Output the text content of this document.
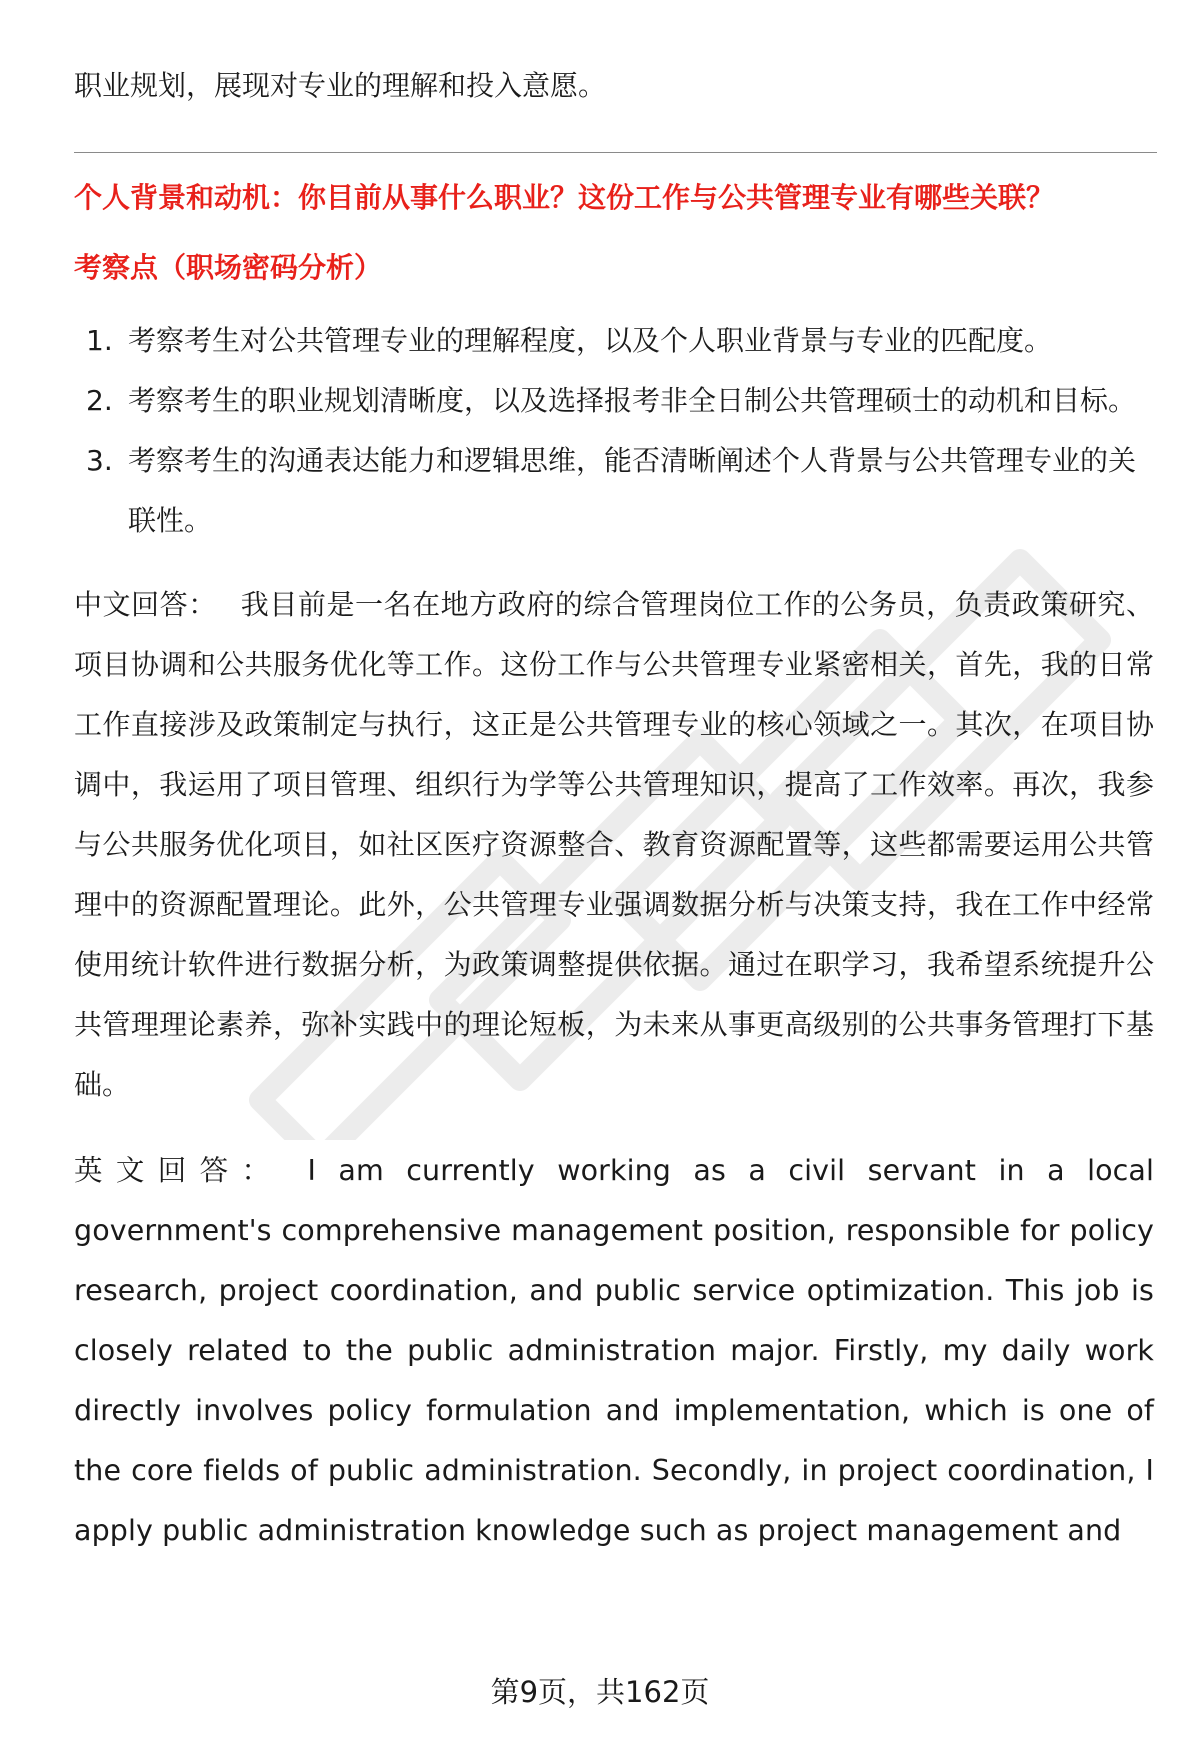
职业规划，展现对专业的理解和投入意愿。

个人背景和动机：你目前从事什么职业？这份工作与公共管理专业有哪些关联？

考察点（职场密码分析）

1. 考察考生对公共管理专业的理解程度，以及个人职业背景与专业的匹配度。
2. 考察考生的职业规划清晰度，以及选择报考非全日制公共管理硕士的动机和目标。
3. 考察考生的沟通表达能力和逻辑思维，能否清晰阐述个人背景与公共管理专业的关联性。

中文回答： 我目前是一名在地方政府的综合管理岗位工作的公务员，负责政策研究、项目协调和公共服务优化等工作。这份工作与公共管理专业紧密相关，首先，我的日常工作直接涉及政策制定与执行，这正是公共管理专业的核心领域之一。其次，在项目协调中，我运用了项目管理、组织行为学等公共管理知识，提高了工作效率。再次，我参与公共服务优化项目，如社区医疗资源整合、教育资源配置等，这些都需要运用公共管理中的资源配置理论。此外，公共管理专业强调数据分析与决策支持，我在工作中经常使用统计软件进行数据分析，为政策调整提供依据。通过在职学习，我希望系统提升公共管理理论素养，弥补实践中的理论短板，为未来从事更高级别的公共事务管理打下基础。

英文回答： I am currently working as a civil servant in a local government's comprehensive management position, responsible for policy research, project coordination, and public service optimization. This job is closely related to the public administration major. Firstly, my daily work directly involves policy formulation and implementation, which is one of the core fields of public administration. Secondly, in project coordination, I apply public administration knowledge such as project management and

第9页，共162页
